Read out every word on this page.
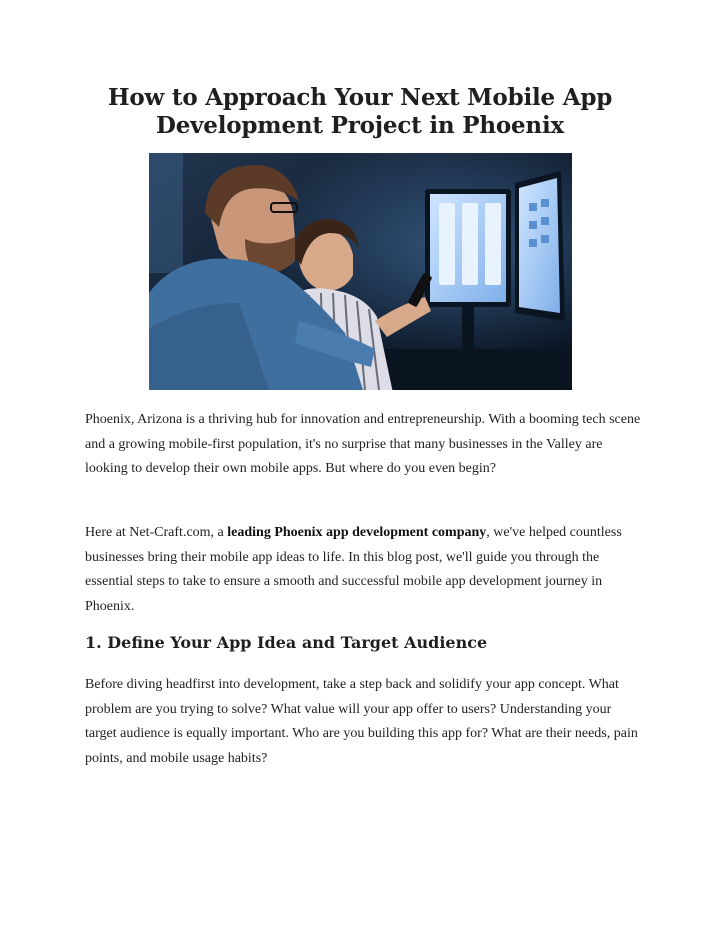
How to Approach Your Next Mobile App Development Project in Phoenix

Phoenix, Arizona is a thriving hub for innovation and entrepreneurship. With a booming tech scene and a growing mobile-first population, it's no surprise that many businesses in the Valley are looking to develop their own mobile apps. But where do you even begin?

Here at Net-Craft.com, a leading Phoenix app development company, we've helped countless businesses bring their mobile app ideas to life. In this blog post, we'll guide you through the essential steps to take to ensure a smooth and successful mobile app development journey in Phoenix.

1. Define Your App Idea and Target Audience

Before diving headfirst into development, take a step back and solidify your app concept. What problem are you trying to solve? What value will your app offer to users? Understanding your target audience is equally important. Who are you building this app for? What are their needs, pain points, and mobile usage habits?
